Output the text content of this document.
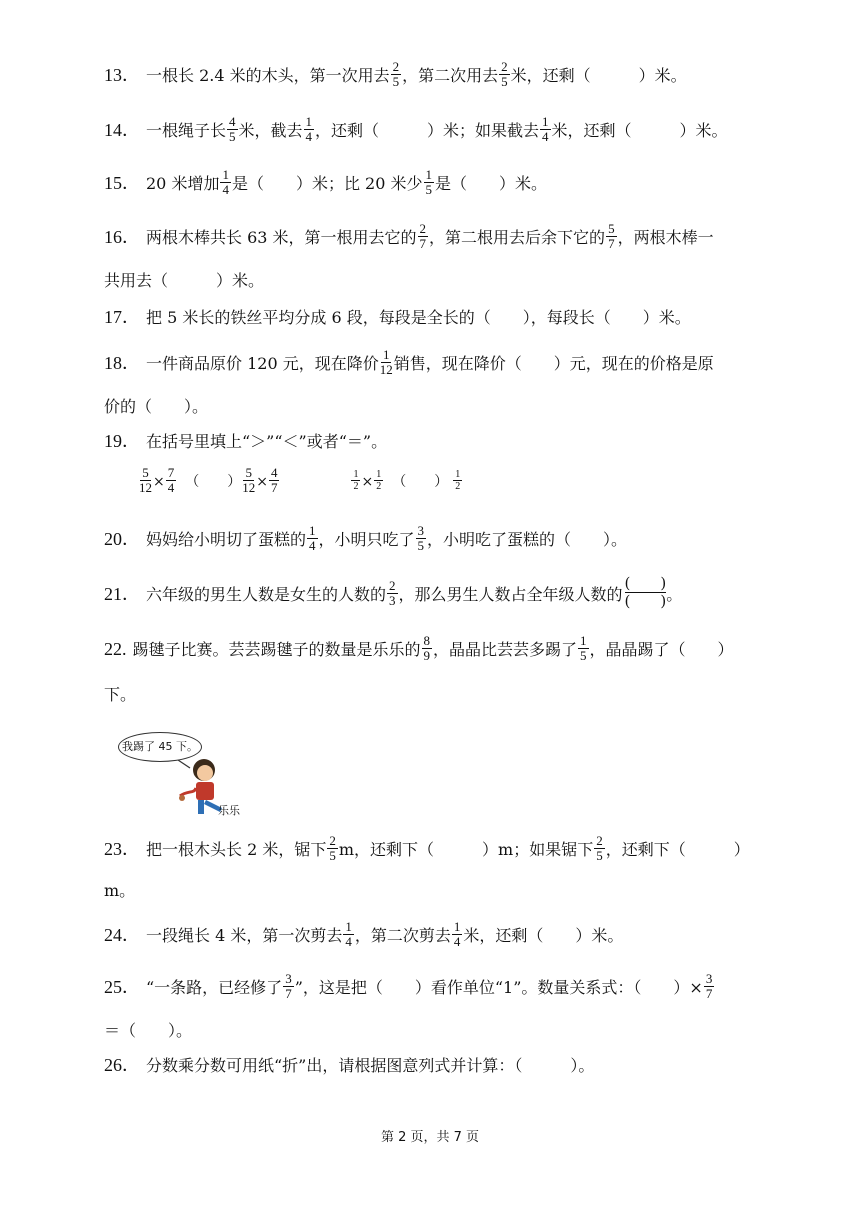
13． 一根长 2.4 米的木头，第一次用去 $\frac{2}{5}$ ，第二次用去 $\frac{2}{5}$ 米，还剩（　　　）米。
14． 一根绳子长 $\frac{4}{5}$ 米，截去 $\frac{1}{4}$ ，还剩（　　　）米；如果截去 $\frac{1}{4}$ 米，还剩（　　　）米。
15． 20 米增加 $\frac{1}{4}$ 是（　　）米；比 20 米少 $\frac{1}{5}$ 是（　　）米。
16． 两根木棒共长 63 米，第一根用去它的 $\frac{2}{7}$ ，第二根用去后余下它的 $\frac{5}{7}$ ，两根木棒一
共用去（　　　）米。
17． 把 5 米长的铁丝平均分成 6 段，每段是全长的（　　），每段长（　　）米。
18． 一件商品原价 120 元，现在降价 $\frac{1}{12}$ 销售，现在降价（　　）元，现在的价格是原
价的（　　）。
19． 在括号里填上“＞”“＜”或者“＝”。
20． 妈妈给小明切了蛋糕的 $\frac{1}{4}$ ，小明只吃了 $\frac{3}{5}$ ，小明吃了蛋糕的（　　）。
21． 六年级的男生人数是女生的人数的 $\frac{2}{3}$ ，那么男生人数占全年级人数的
(　　)
(　　) 。
22. 踢毽子比赛。芸芸踢毽子的数量是乐乐的 $\frac{8}{9}$ ，晶晶比芸芸多踢了 $\frac{1}{5}$ ，晶晶踢了（　　）
下。
23． 把一根木头长 2 米，锯下 $\frac{2}{5}$ m，还剩下（　　　）m；如果锯下 $\frac{2}{5}$ ，还剩下（　　　）
m。
24． 一段绳长 4 米，第一次剪去 $\frac{1}{4}$ ，第二次剪去 $\frac{1}{4}$ 米，还剩（　　）米。
25． “一条路，已经修了 $\frac{3}{7}$ ”，这是把（　　）看作单位“1”。数量关系式：（　　）× $\frac{3}{7}$
＝（　　）。
26． 分数乘分数可用纸“折”出，请根据图意列式并计算：（　　　）。
我踢了 45 下。
乐乐
$\frac{5}{12} \times \frac{7}{4}$ （　　） $\frac{5}{12} \times \frac{4}{7}$	$\frac{1}{2} \times \frac{1}{2}$ （　　） $\frac{1}{2}$
第 2 页，共 7 页
